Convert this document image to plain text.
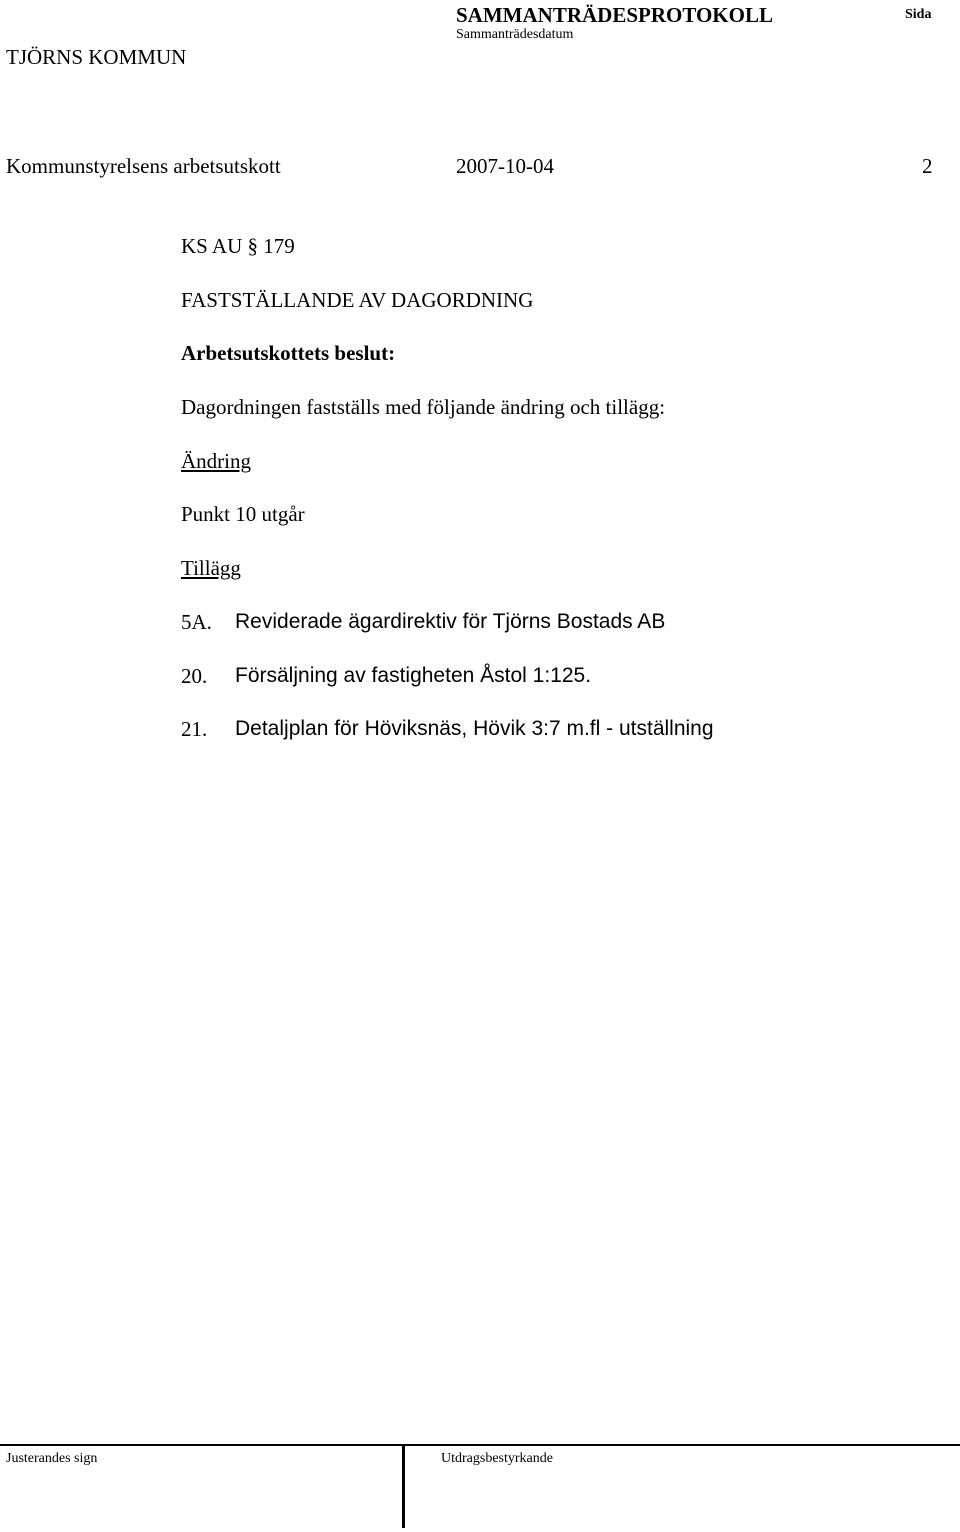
TJÖRNS KOMMUN
SAMMANTRÄDESPROTOKOLL
Sammanträdesdatum
Sida
Kommunstyrelsens arbetsutskott	2007-10-04	2

KS AU § 179

FASTSTÄLLANDE AV DAGORDNING

Arbetsutskottets beslut:

Dagordningen fastställs med följande ändring och tillägg:

Ändring

Punkt 10 utgår

Tillägg

5A.	Reviderade ägardirektiv för Tjörns Bostads AB

20.	Försäljning av fastigheten Åstol 1:125.

21.	Detaljplan för Höviksnäs, Hövik 3:7 m.fl - utställning

Justerandes sign	Utdragsbestyrkande
